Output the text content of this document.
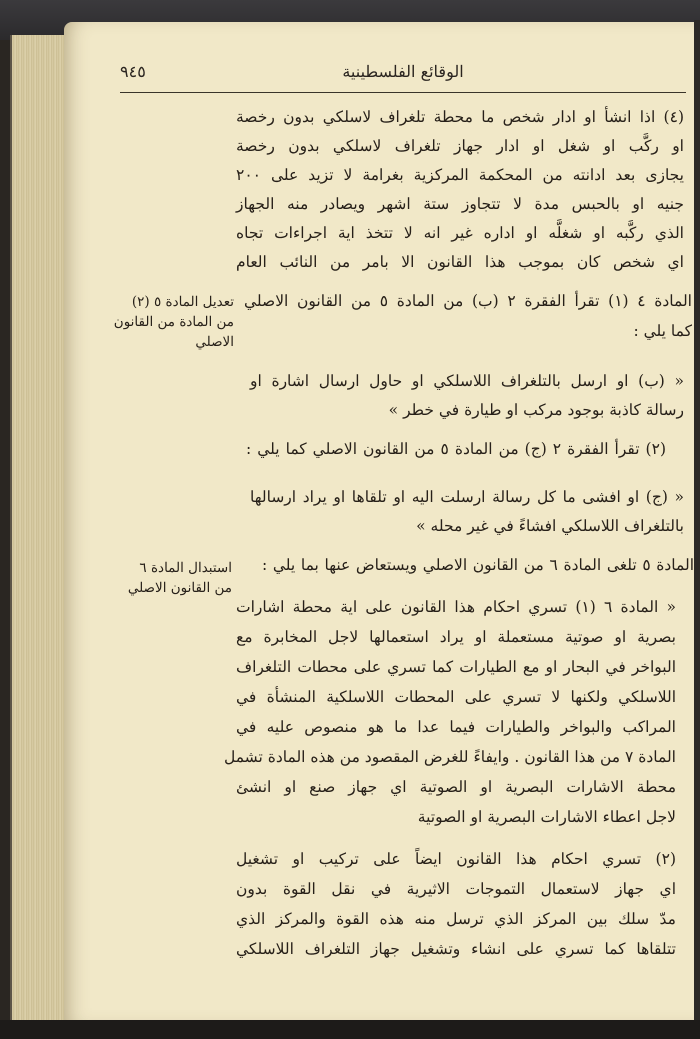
٩٤٥	الوقائع الفلسطينية
(٤) اذا انشأ او ادار شخص ما محطة تلغراف لاسلكي بدون رخصة
او ركَّب او شغل او ادار جهاز تلغراف لاسلكي بدون رخصة
يجازى بعد ادانته من المحكمة المركزية بغرامة لا تزيد على ٢٠٠
جنيه او بالحبس مدة لا تتجاوز ستة اشهر ويصادر منه الجهاز
الذي ركَّبه او شغلَّه او اداره غير انه لا تتخذ اية اجراءات تجاه
اي شخص كان بموجب هذا القانون الا بامر من النائب العام
تعديل المادة ٥ (٢)
من المادة من القانون
الاصلي
المادة ٤ (١) تقرأ الفقرة ٢ (ب) من المادة ٥ من القانون الاصلي
كما يلي :
« (ب) او ارسل بالتلغراف اللاسلكي او حاول ارسال اشارة او
رسالة كاذبة بوجود مركب او طيارة في خطر »
(٢) تقرأ الفقرة ٢ (ج) من المادة ٥ من القانون الاصلي كما يلي :
« (ج) او افشى ما كل رسالة ارسلت اليه او تلقاها او يراد ارسالها
بالتلغراف اللاسلكي افشاءً في غير محله »
استبدال المادة ٦
من القانون الاصلي
المادة ٥ تلغى المادة ٦ من القانون الاصلي ويستعاض عنها بما يلي :
« المادة ٦ (١) تسري احكام هذا القانون على اية محطة اشارات
بصرية او صوتية مستعملة او يراد استعمالها لاجل المخابرة مع
البواخر في البحار او مع الطيارات كما تسري على محطات التلغراف
اللاسلكي ولكنها لا تسري على المحطات اللاسلكية المنشأة في
المراكب والبواخر والطيارات فيما عدا ما هو منصوص عليه في
المادة ٧ من هذا القانون . وايفاءً للغرض المقصود من هذه المادة تشمل
محطة الاشارات البصرية او الصوتية اي جهاز صنع او انشئ
لاجل اعطاء الاشارات البصرية او الصوتية
(٢) تسري احكام هذا القانون ايضاً على تركيب او تشغيل
اي جهاز لاستعمال التموجات الاثيرية في نقل القوة بدون
مدّ سلك بين المركز الذي ترسل منه هذه القوة والمركز الذي
تتلقاها كما تسري على انشاء وتشغيل جهاز التلغراف اللاسلكي
